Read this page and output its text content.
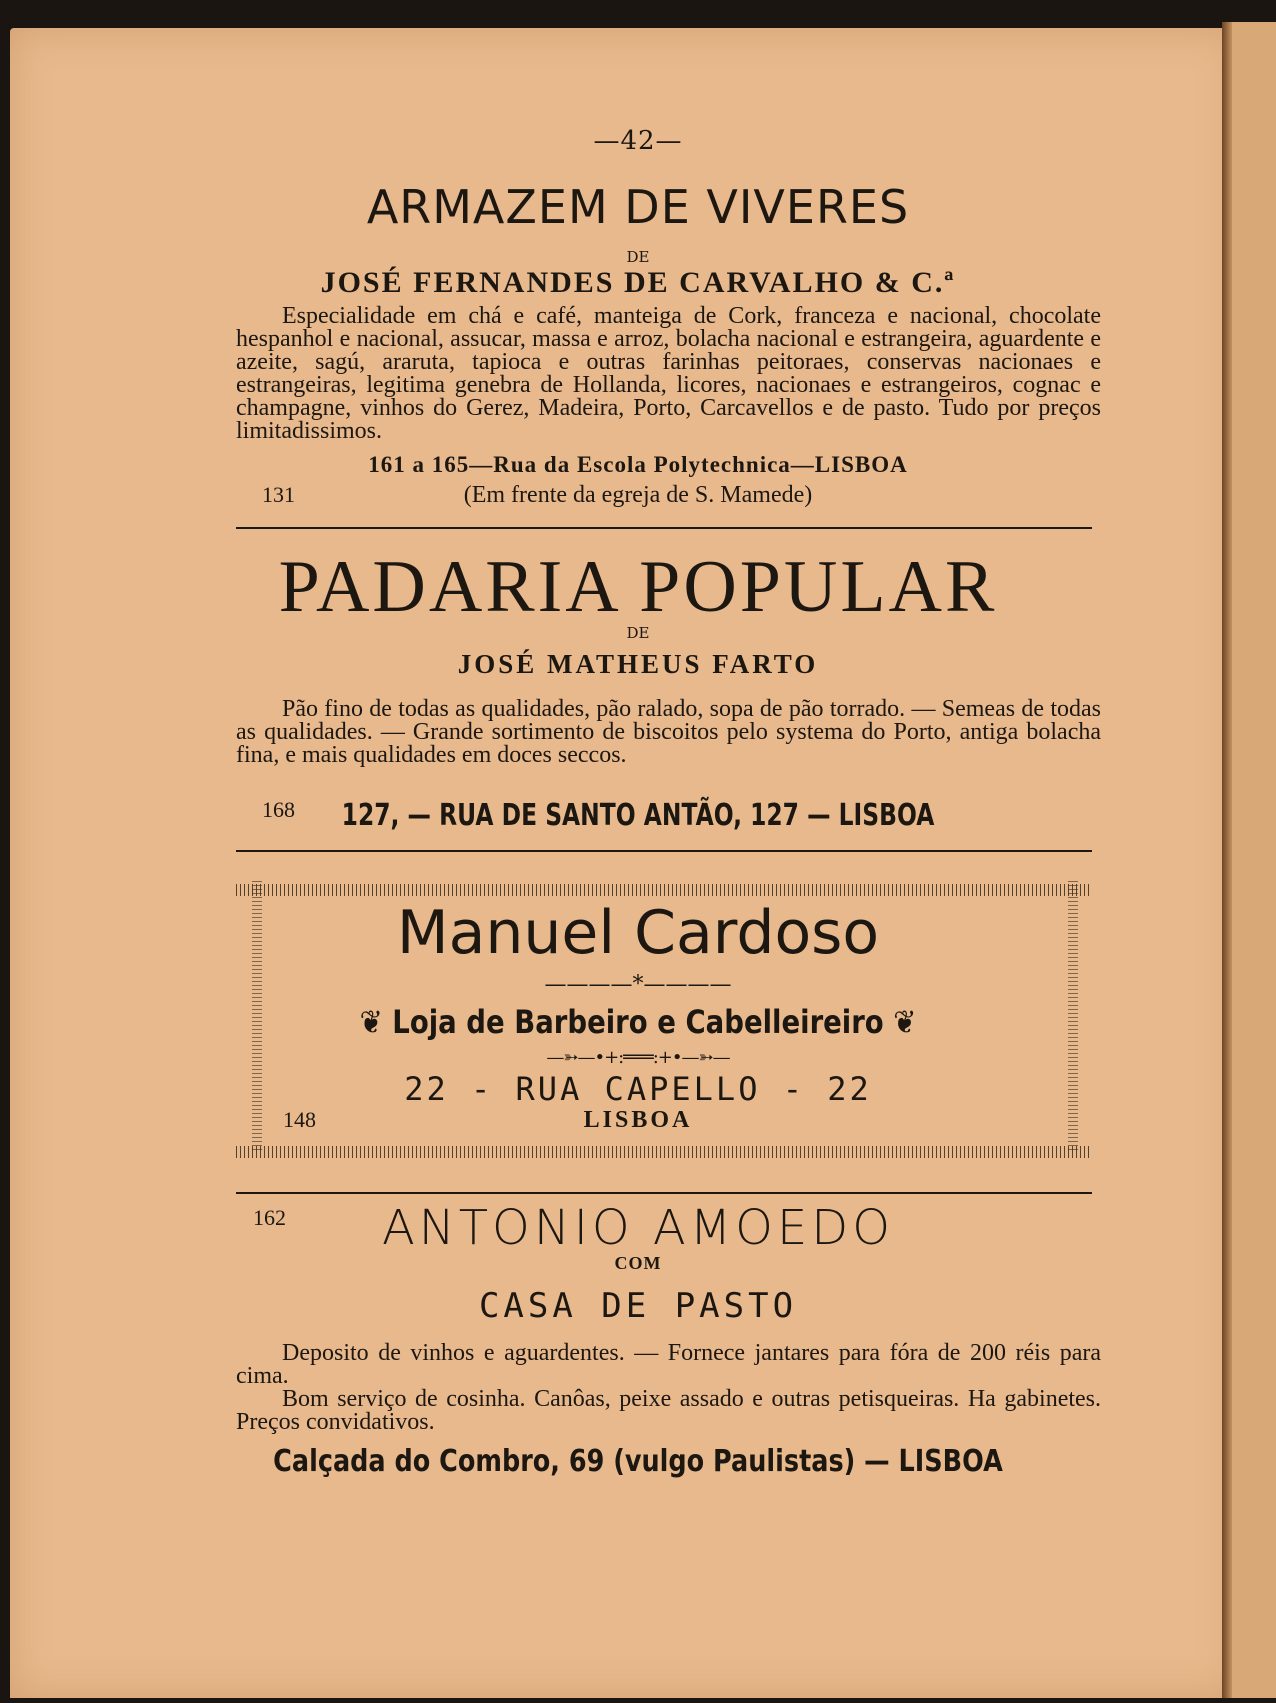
—42—
ARMAZEM DE VIVERES
DE
JOSÉ FERNANDES DE CARVALHO & C.ª
Especialidade em chá e café, manteiga de Cork, franceza e nacional, chocolate hespanhol e nacional, assucar, massa e arroz, bolacha nacional e estrangeira, aguardente e azeite, sagú, araruta, tapioca e outras farinhas peitoraes, conservas nacionaes e estrangeiras, legitima genebra de Hollanda, licores, nacionaes e estrangeiros, cognac e champagne, vinhos do Gerez, Madeira, Porto, Carcavellos e de pasto. Tudo por preços limitadissimos.
161 a 165—Rua da Escola Polytechnica—LISBOA
131	(Em frente da egreja de S. Mamede)
PADARIA POPULAR
DE
JOSÉ MATHEUS FARTO
Pão fino de todas as qualidades, pão ralado, sopa de pão torrado. — Semeas de todas as qualidades. — Grande sortimento de biscoitos pelo systema do Porto, antiga bolacha fina, e mais qualidades em doces seccos.
168	127, — RUA DE SANTO ANTÃO, 127 — LISBOA
Manuel Cardoso
————*————
❦ Loja de Barbeiro e Cabelleireiro ❦
—➳—•+:═══:+•—➳—
22 - RUA CAPELLO - 22
148	LISBOA
162	ANTONIO AMOEDO
COM
CASA DE PASTO

Deposito de vinhos e aguardentes. — Fornece jantares para fóra de 200 réis para cima.

Bom serviço de cosinha. Canôas, peixe assado e outras petisqueiras. Ha gabinetes. Preços convidativos.

Calçada do Combro, 69 (vulgo Paulistas) — LISBOA
